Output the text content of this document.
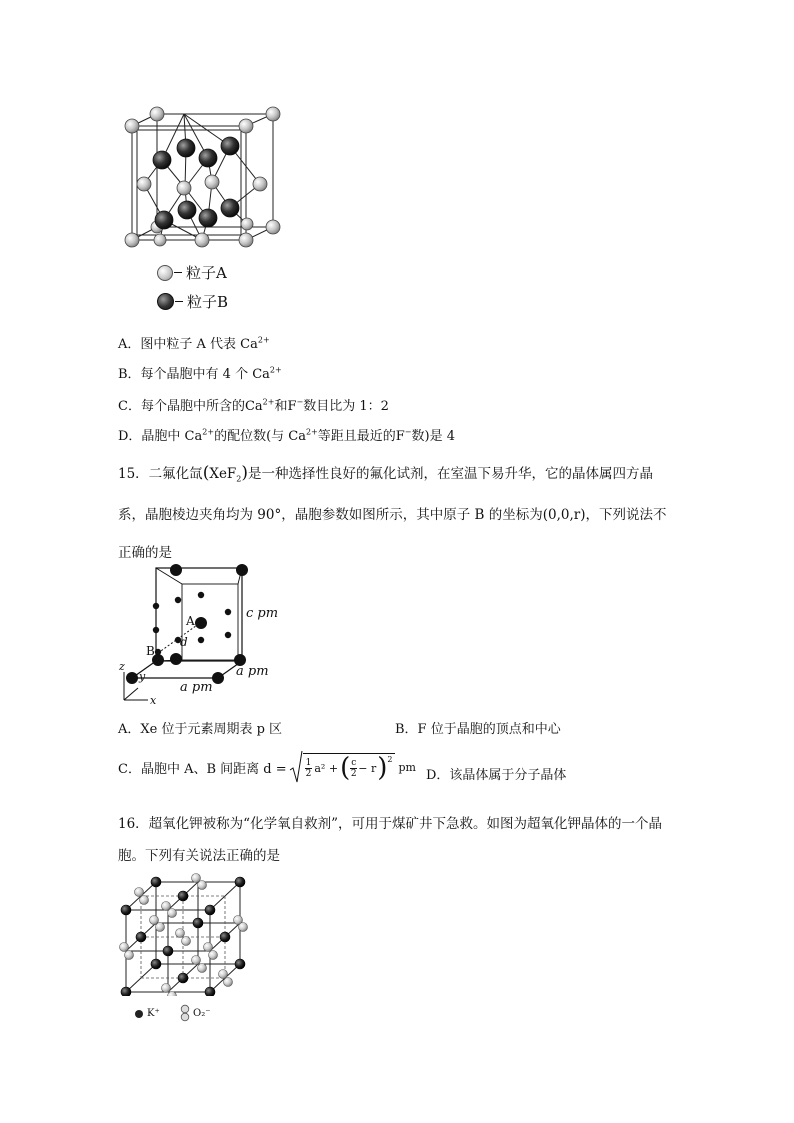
粒子A
粒子B
A．图中粒子 A 代表 $Ca^{2+}$
B．每个晶胞中有 4 个 $Ca^{2+}$
C．每个晶胞中所含的$Ca^{2+}$和F−数目比为 1：2
D．晶胞中 $Ca^{2+}$的配位数(与 $Ca^{2+}$等距且最近的F−数)是 4
15．二氟化氙(XeF$_2$)是一种选择性良好的氟化试剂，在室温下易升华，它的晶体属四方晶
系，晶胞棱边夹角均为 90°，晶胞参数如图所示，其中原子 B 的坐标为(0,0,r)，下列说法不
正确的是
c pm
a pm
a pm
A
B
d
z
y
x
A．Xe 位于元素周期表 p 区	B．F 位于晶胞的顶点和中心
C．晶胞中 A、B 间距离 $d = \frac{1}{2} a^2$ + ( $\frac{c}{2} - r$ )$^2$
pm
D．该晶体属于分子晶体
16．超氧化钾被称为“化学氧自救剂”，可用于煤矿井下急救。如图为超氧化钾晶体的一个晶
胞。下列有关说法正确的是
K⁺	O₂⁻
